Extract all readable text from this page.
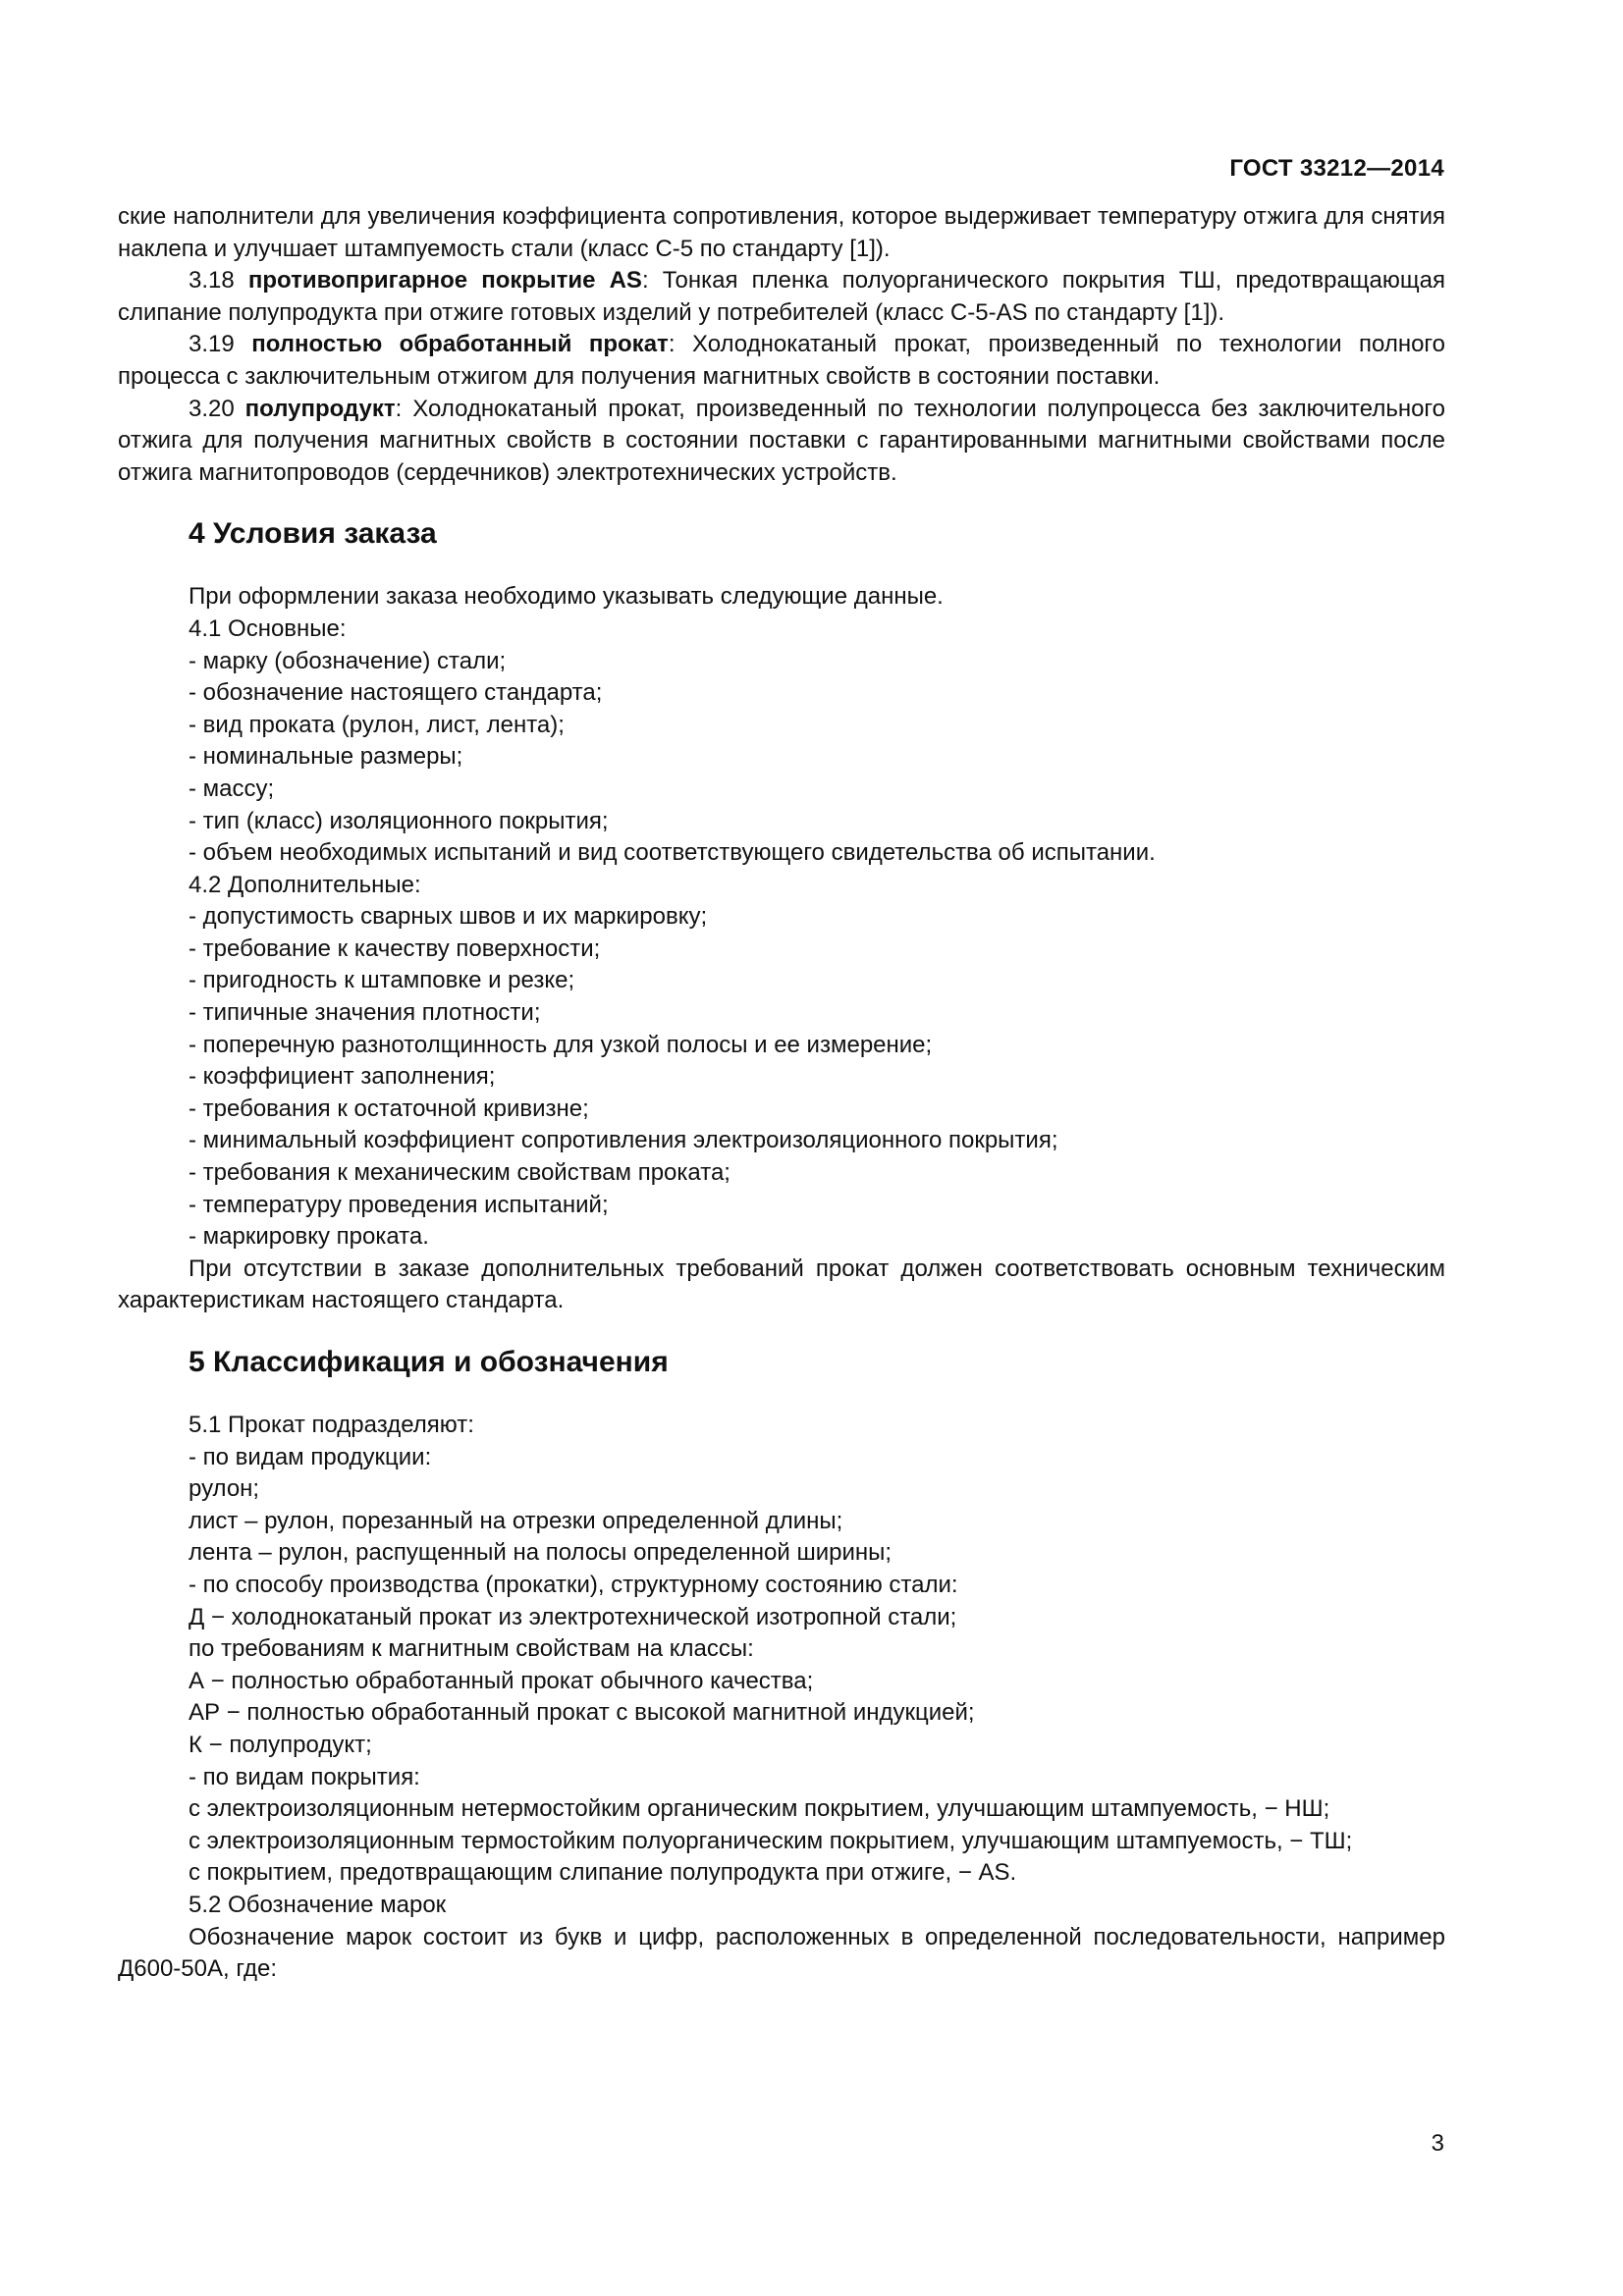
ГОСТ 33212—2014

ские наполнители для увеличения коэффициента сопротивления, которое выдерживает температуру отжига для снятия наклепа и улучшает штампуемость стали (класс С-5 по стандарту [1]).

3.18 противопригарное покрытие AS: Тонкая пленка полуорганического покрытия ТШ, предотвращающая слипание полупродукта при отжиге готовых изделий у потребителей (класс С-5-AS по стандарту [1]).

3.19 полностью обработанный прокат: Холоднокатаный прокат, произведенный по технологии полного процесса с заключительным отжигом для получения магнитных свойств в состоянии поставки.

3.20 полупродукт: Холоднокатаный прокат, произведенный по технологии полупроцесса без заключительного отжига для получения магнитных свойств в состоянии поставки с гарантированными магнитными свойствами после отжига магнитопроводов (сердечников) электротехнических устройств.

4 Условия заказа

При оформлении заказа необходимо указывать следующие данные.

4.1 Основные:

- марку (обозначение) стали;

- обозначение настоящего стандарта;

- вид проката (рулон, лист, лента);

- номинальные размеры;

- массу;

- тип (класс) изоляционного покрытия;

- объем необходимых испытаний и вид соответствующего свидетельства об испытании.

4.2 Дополнительные:

- допустимость сварных швов и их маркировку;

- требование к качеству поверхности;

- пригодность к штамповке и резке;

- типичные значения плотности;

- поперечную разнотолщинность для узкой полосы и ее измерение;

- коэффициент заполнения;

- требования к остаточной кривизне;

- минимальный коэффициент сопротивления электроизоляционного покрытия;

- требования к механическим свойствам проката;

- температуру проведения испытаний;

- маркировку проката.

При отсутствии в заказе дополнительных требований прокат должен соответствовать основным техническим характеристикам настоящего стандарта.

5 Классификация и обозначения

5.1 Прокат подразделяют:

- по видам продукции:

рулон;

лист – рулон, порезанный на отрезки определенной длины;

лента – рулон, распущенный на полосы определенной ширины;

- по способу производства (прокатки), структурному состоянию стали:

Д − холоднокатаный прокат из электротехнической изотропной стали;

по требованиям к магнитным свойствам на классы:

А − полностью обработанный прокат обычного качества;

АР − полностью обработанный прокат с высокой магнитной индукцией;

К − полупродукт;

- по видам покрытия:

с электроизоляционным нетермостойким органическим покрытием, улучшающим штампуемость, − НШ;

с электроизоляционным термостойким полуорганическим покрытием, улучшающим штампуемость, − ТШ;

с покрытием, предотвращающим слипание полупродукта при отжиге, − AS.

5.2 Обозначение марок

Обозначение марок состоит из букв и цифр, расположенных в определенной последовательности, например Д600-50А, где:

3
